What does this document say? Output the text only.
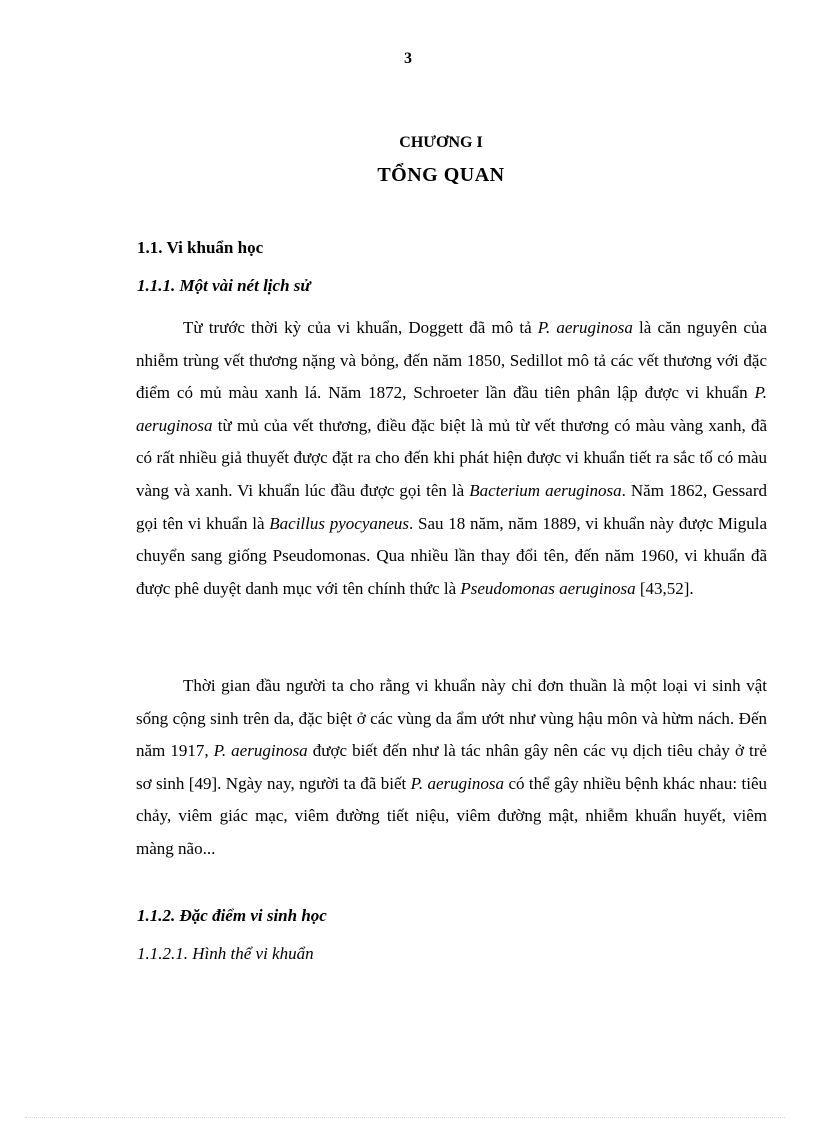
3
CHƯƠNG I
TỔNG QUAN
1.1. Vi khuẩn học
1.1.1. Một vài nét lịch sử

Từ trước thời kỳ của vi khuẩn, Doggett đã mô tả P. aeruginosa là căn nguyên của nhiễm trùng vết thương nặng và bỏng, đến năm 1850, Sedillot mô tả các vết thương với đặc điểm có mủ màu xanh lá. Năm 1872, Schroeter lần đầu tiên phân lập được vi khuẩn P. aeruginosa từ mủ của vết thương, điều đặc biệt là mủ từ vết thương có màu vàng xanh, đã có rất nhiều giả thuyết được đặt ra cho đến khi phát hiện được vi khuẩn tiết ra sắc tố có màu vàng và xanh. Vi khuẩn lúc đầu được gọi tên là Bacterium aeruginosa. Năm 1862, Gessard gọi tên vi khuẩn là Bacillus pyocyaneus. Sau 18 năm, năm 1889, vi khuẩn này được Migula chuyển sang giống Pseudomonas. Qua nhiều lần thay đổi tên, đến năm 1960, vi khuẩn đã được phê duyệt danh mục với tên chính thức là Pseudomonas aeruginosa [43,52].

Thời gian đầu người ta cho rằng vi khuẩn này chỉ đơn thuần là một loại vi sinh vật sống cộng sinh trên da, đặc biệt ở các vùng da ẩm ướt như vùng hậu môn và hừm nách. Đến năm 1917, P. aeruginosa được biết đến như là tác nhân gây nên các vụ dịch tiêu chảy ở trẻ sơ sinh [49]. Ngày nay, người ta đã biết P. aeruginosa có thể gây nhiều bệnh khác nhau: tiêu chảy, viêm giác mạc, viêm đường tiết niệu, viêm đường mật, nhiễm khuẩn huyết, viêm màng não...

1.1.2. Đặc điểm vi sinh học
1.1.2.1. Hình thể vi khuẩn
